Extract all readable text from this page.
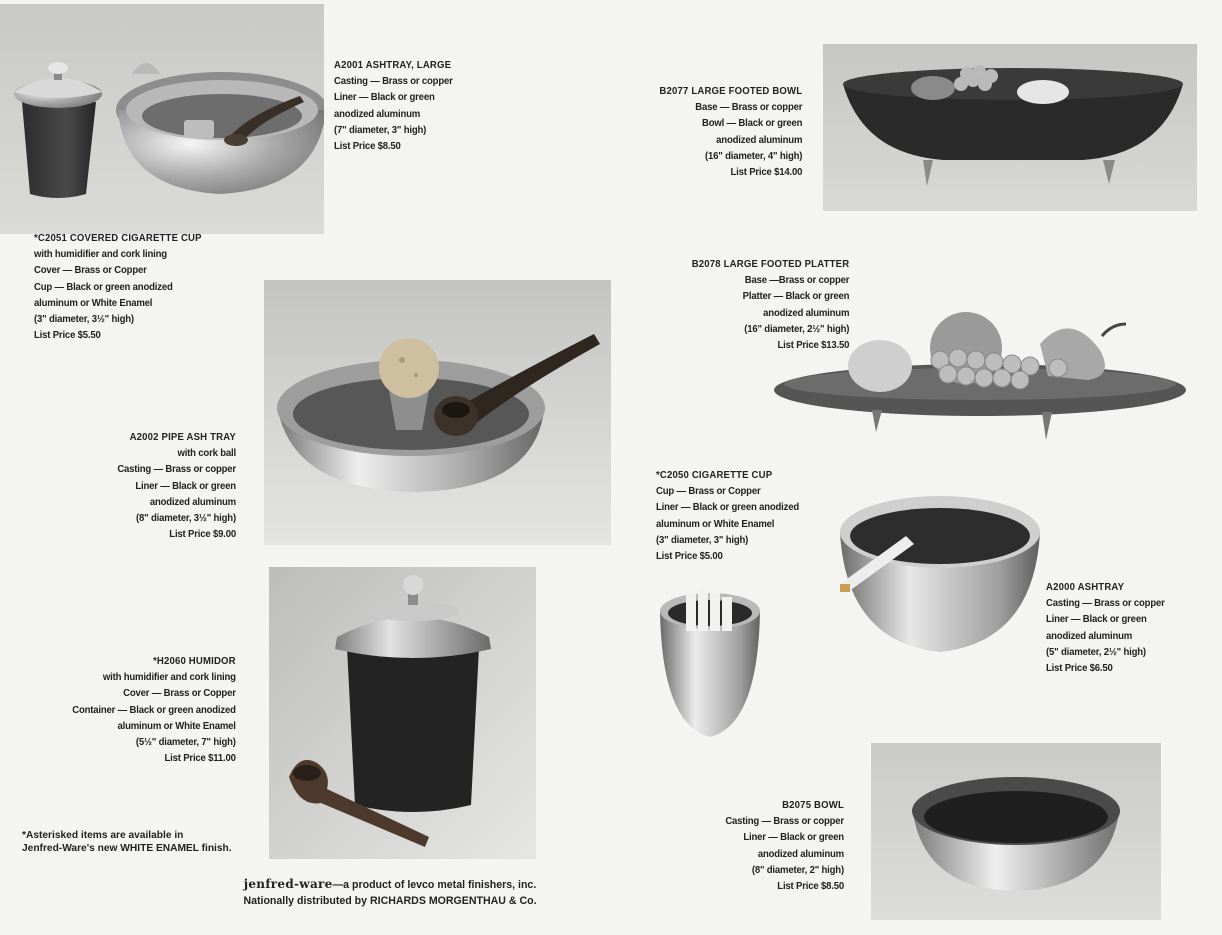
A2001 ASHTRAY, LARGE
Casting — Brass or copper
Liner — Black or green
anodized aluminum
(7" diameter, 3" high)
List Price $8.50
*C2051 COVERED CIGARETTE CUP
with humidifier and cork lining
Cover — Brass or Copper
Cup — Black or green anodized
aluminum or White Enamel
(3" diameter, 3½" high)
List Price $5.50
A2002 PIPE ASH TRAY
with cork ball
Casting — Brass or copper
Liner — Black or green
anodized aluminum
(8" diameter, 3½" high)
List Price $9.00
*H2060 HUMIDOR
with humidifier and cork lining
Cover — Brass or Copper
Container — Black or green anodized
aluminum or White Enamel
(5½" diameter, 7" high)
List Price $11.00
B2077 LARGE FOOTED BOWL
Base — Brass or copper
Bowl — Black or green
anodized aluminum
(16" diameter, 4" high)
List Price $14.00
B2078 LARGE FOOTED PLATTER
Base —Brass or copper
Platter — Black or green
anodized aluminum
(16" diameter, 2½" high)
List Price $13.50
*C2050 CIGARETTE CUP
Cup — Brass or Copper
Liner — Black or green anodized
aluminum or White Enamel
(3" diameter, 3" high)
List Price $5.00
A2000 ASHTRAY
Casting — Brass or copper
Liner — Black or green
anodized aluminum
(5" diameter, 2½" high)
List Price $6.50
B2075 BOWL
Casting — Brass or copper
Liner — Black or green
anodized aluminum
(8" diameter, 2" high)
List Price $8.50
*Asterisked items are available in
Jenfred-Ware's new WHITE ENAMEL finish.
jenfred-ware—a product of levco metal finishers, inc.
Nationally distributed by RICHARDS MORGENTHAU & Co.
